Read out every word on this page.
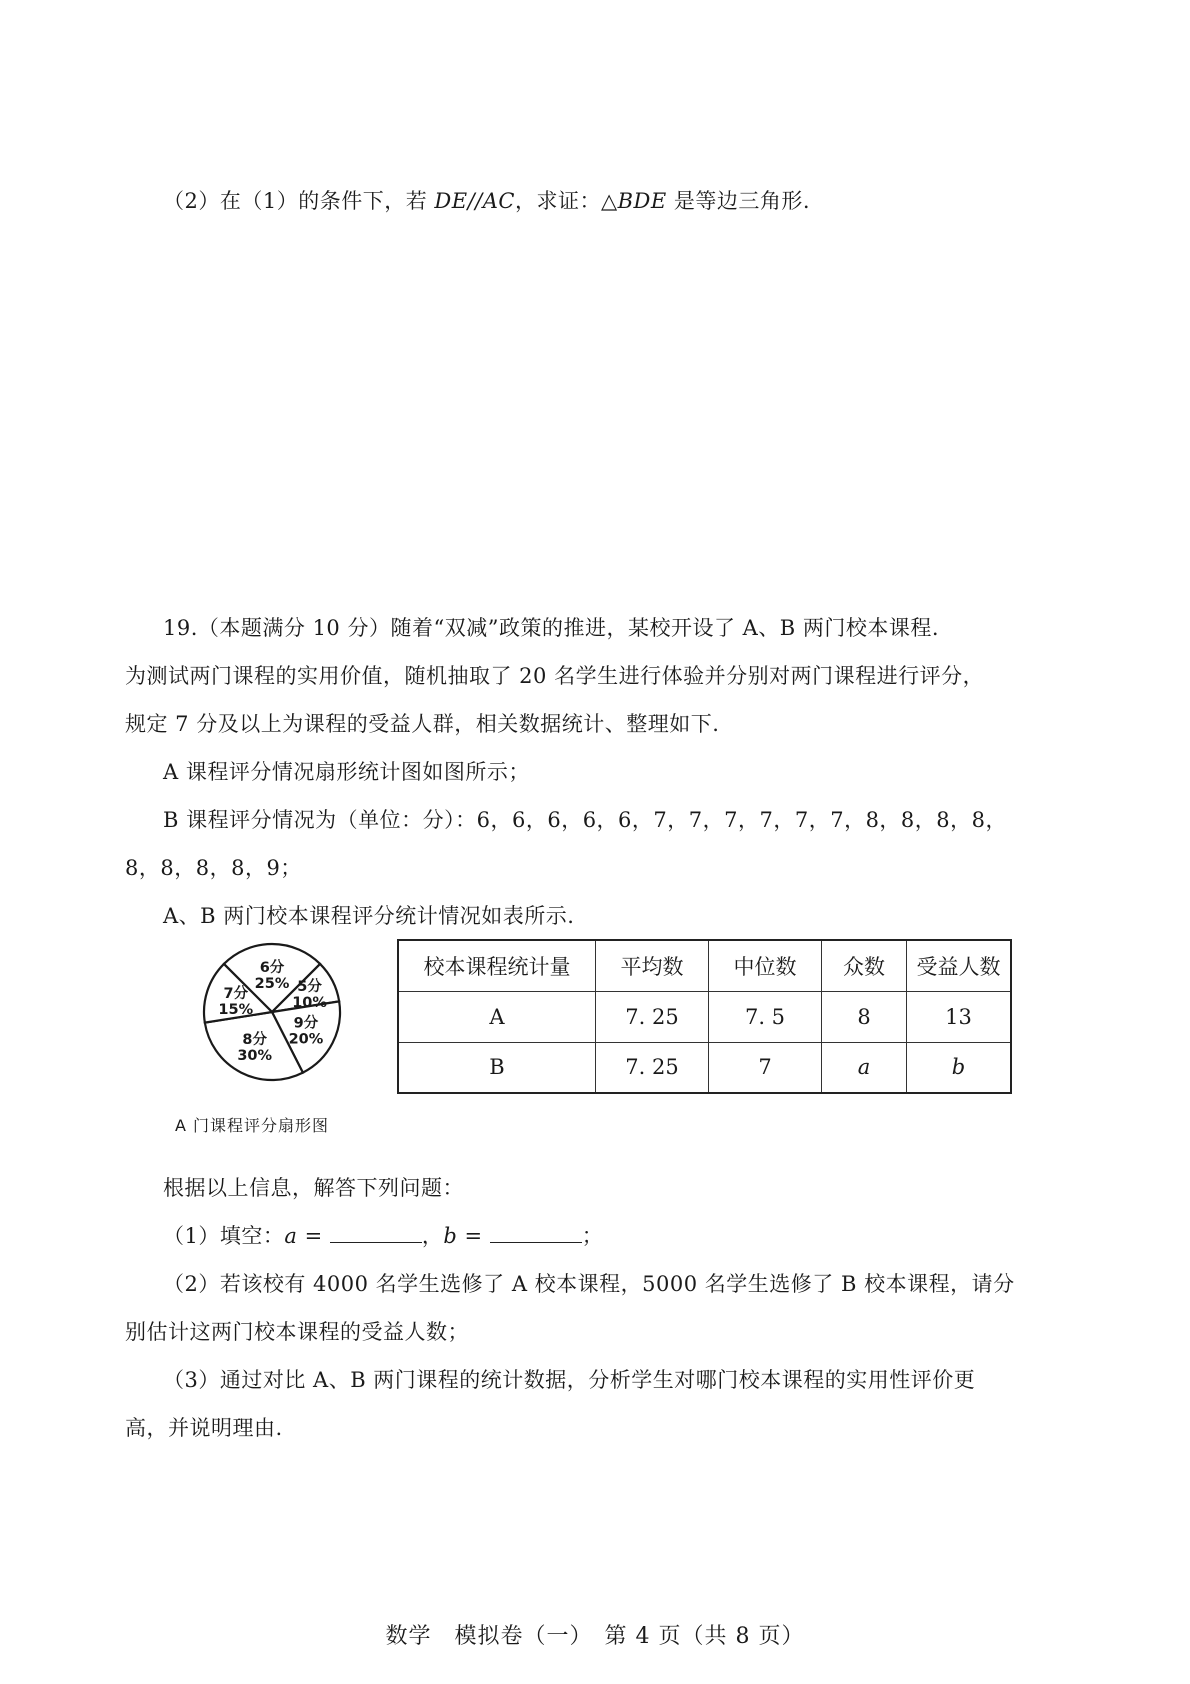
（2）在（1）的条件下，若 DE//AC，求证：△BDE 是等边三角形.
19.（本题满分 10 分）随着“双减”政策的推进，某校开设了 A、B 两门校本课程.
为测试两门课程的实用价值，随机抽取了 20 名学生进行体验并分别对两门课程进行评分，
规定 7 分及以上为课程的受益人群，相关数据统计、整理如下.
A 课程评分情况扇形统计图如图所示；
B 课程评分情况为（单位：分）：6，6，6，6，6，7，7，7，7，7，7，8，8，8，8，
8，8，8，8，9；
A、B 两门校本课程评分统计情况如表所示.
6分
25% 5分
10%
9分
20%
8分
30%
7分
15%
A 门课程评分扇形图
校本课程统计量	平均数	中位数	众数	受益人数
A	7. 25	7. 5	8	13
B	7. 25	7	a	b
根据以上信息，解答下列问题：
（1）填空：a =	，b =	；
（2）若该校有 4000 名学生选修了 A 校本课程，5000 名学生选修了 B 校本课程，请分
别估计这两门校本课程的受益人数；
（3）通过对比 A、B 两门课程的统计数据，分析学生对哪门校本课程的实用性评价更
高，并说明理由.
数学　模拟卷（一）　第 4 页（共 8 页）
